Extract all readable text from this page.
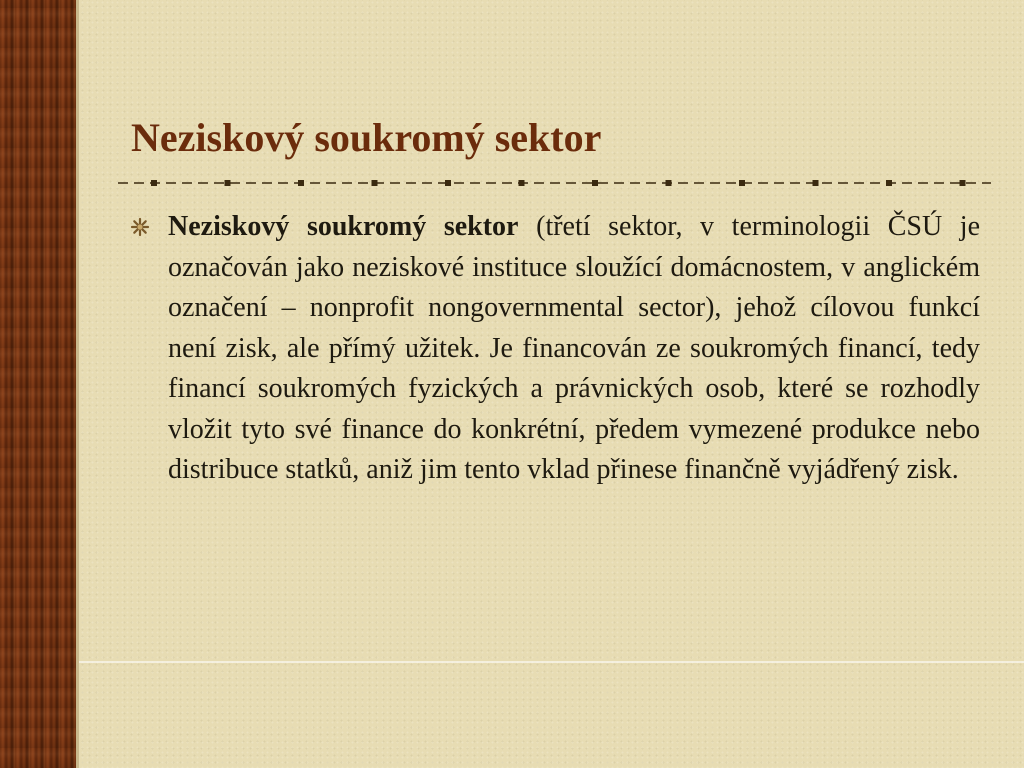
Neziskový soukromý sektor

Neziskový soukromý sektor (třetí sektor, v terminologii ČSÚ je označován jako neziskové instituce sloužící domácnostem, v anglickém označení – nonprofit nongovernmental sector), jehož cílovou funkcí není zisk, ale přímý užitek. Je financován ze soukromých financí, tedy financí soukromých fyzických a právnických osob, které se rozhodly vložit tyto své finance do konkrétní, předem vymezené produkce nebo distribuce statků, aniž jim tento vklad přinese finančně vyjádřený zisk.
